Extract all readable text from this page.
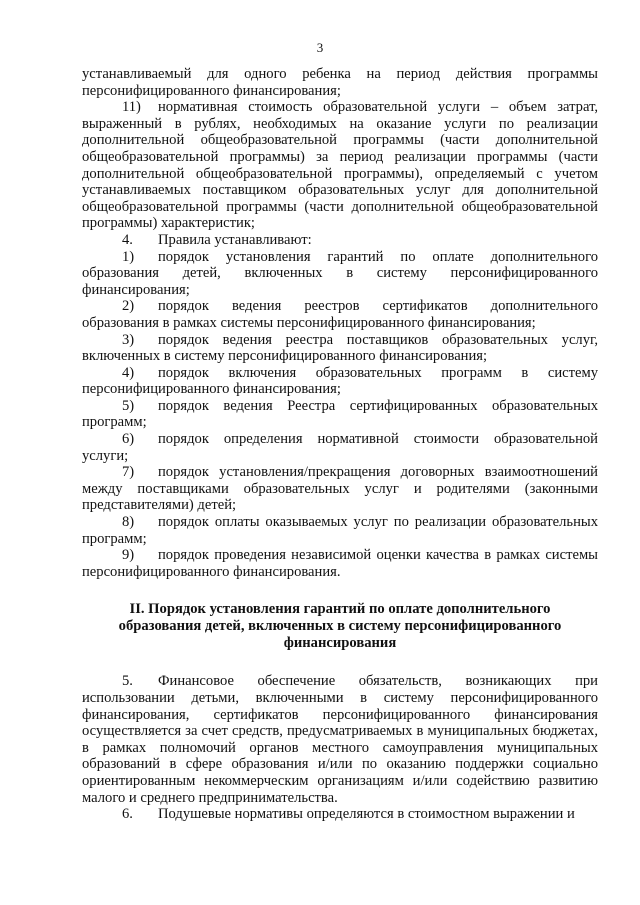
3

устанавливаемый для одного ребенка на период действия программы персонифицированного финансирования;

11) нормативная стоимость образовательной услуги – объем затрат, выраженный в рублях, необходимых на оказание услуги по реализации дополнительной общеобразовательной программы (части дополнительной общеобразовательной программы) за период реализации программы (части дополнительной общеобразовательной программы), определяемый с учетом устанавливаемых поставщиком образовательных услуг для дополнительной общеобразовательной программы (части дополнительной общеобразовательной программы) характеристик;

4. Правила устанавливают:

1) порядок установления гарантий по оплате дополнительного образования детей, включенных в систему персонифицированного финансирования;

2) порядок ведения реестров сертификатов дополнительного образования в рамках системы персонифицированного финансирования;

3) порядок ведения реестра поставщиков образовательных услуг, включенных в систему персонифицированного финансирования;

4) порядок включения образовательных программ в систему персонифицированного финансирования;

5) порядок ведения Реестра сертифицированных образовательных программ;

6) порядок определения нормативной стоимости образовательной услуги;

7) порядок установления/прекращения договорных взаимоотношений между поставщиками образовательных услуг и родителями (законными представителями) детей;

8) порядок оплаты оказываемых услуг по реализации образовательных программ;

9) порядок проведения независимой оценки качества в рамках системы персонифицированного финансирования.

II. Порядок установления гарантий по оплате дополнительного
образования детей, включенных в систему персонифицированного
финансирования

5. Финансовое обеспечение обязательств, возникающих при использовании детьми, включенными в систему персонифицированного финансирования, сертификатов персонифицированного финансирования осуществляется за счет средств, предусматриваемых в муниципальных бюджетах, в рамках полномочий органов местного самоуправления муниципальных образований в сфере образования и/или по оказанию поддержки социально ориентированным некоммерческим организациям и/или содействию развитию малого и среднего предпринимательства.

6. Подушевые нормативы определяются в стоимостном выражении и
